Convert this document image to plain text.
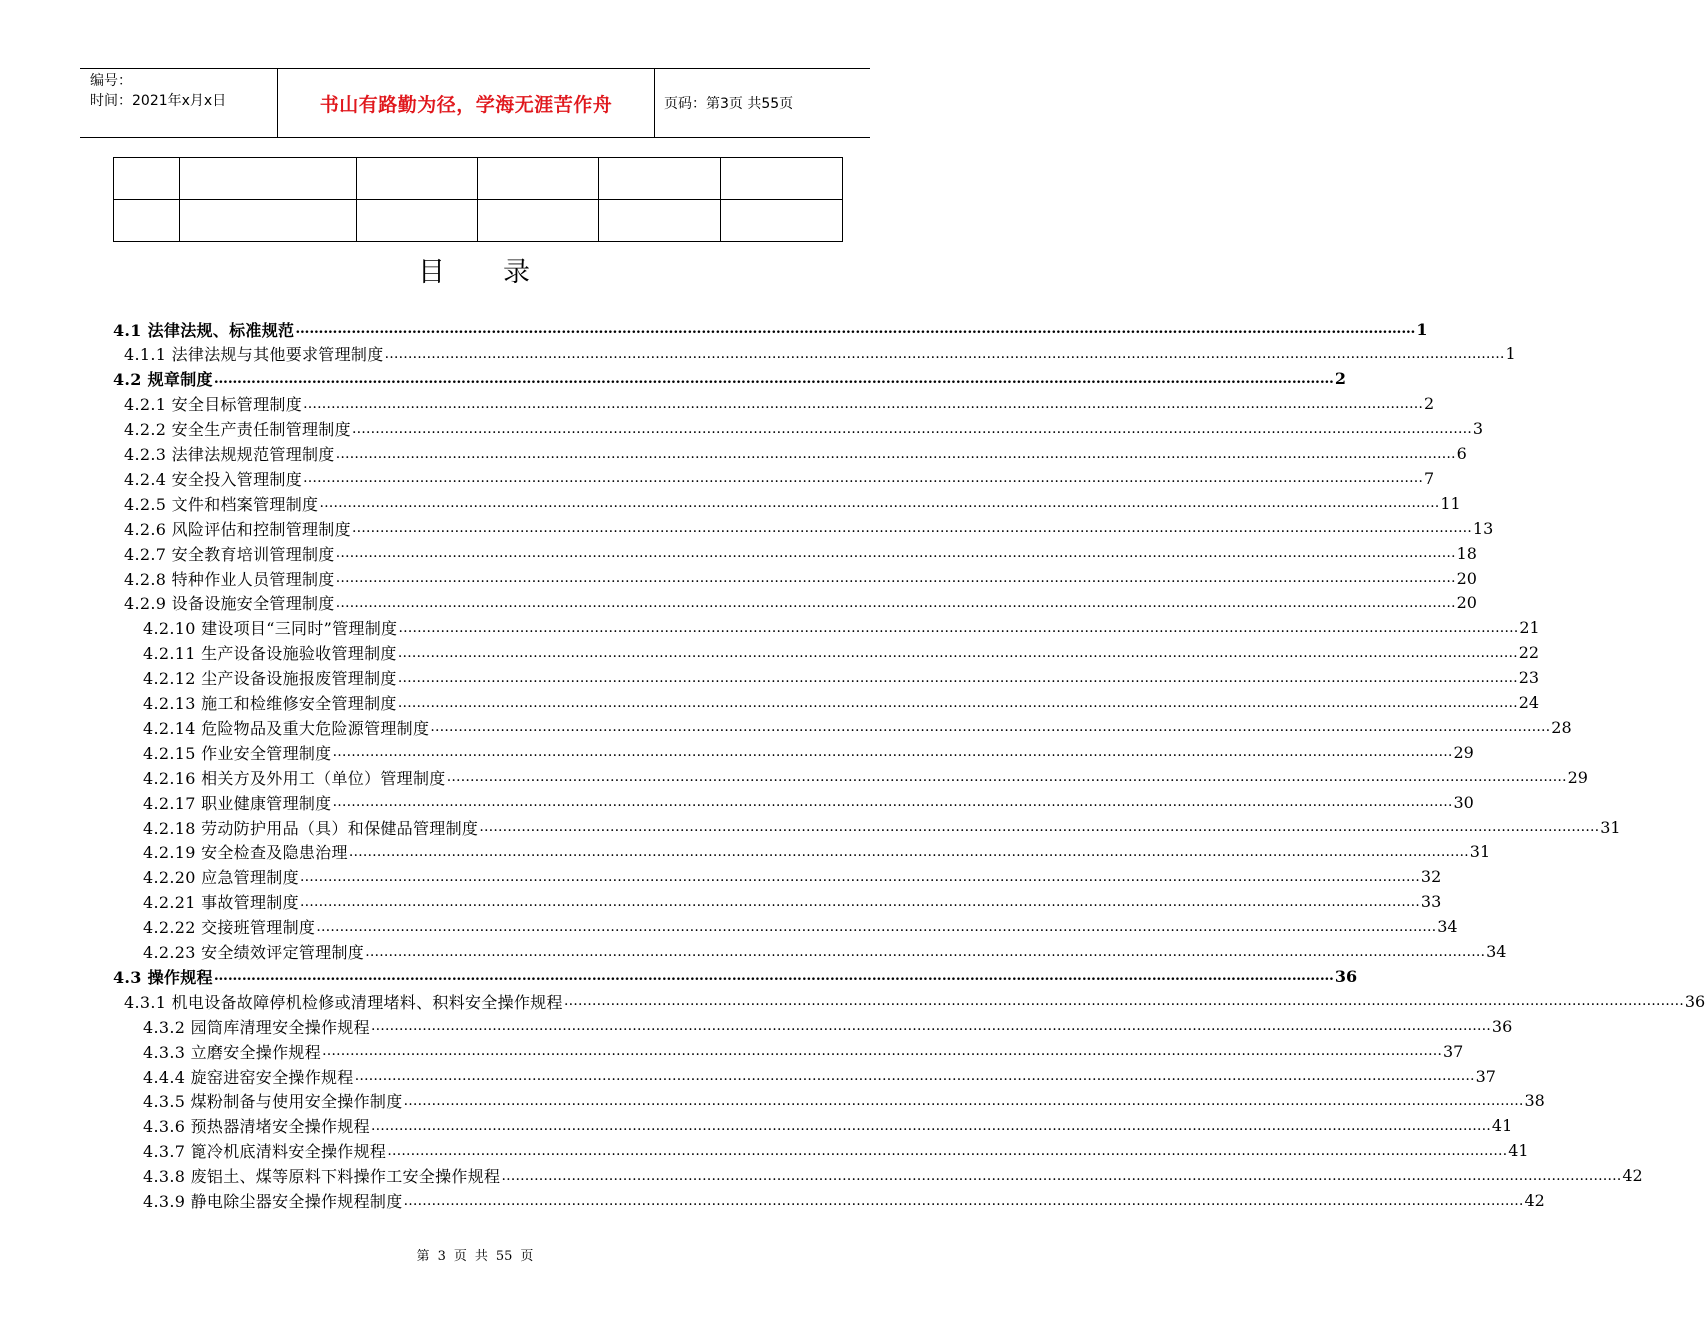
编号：
时间：2021年x月x日	书山有路勤为径，学海无涯苦作舟	页码：第3页 共55页

目 录
4.1 法律法规、标准规范 …………………………………………………………………………………………………………………………………………………………………………………………………………………… 1
4.1.1 法律法规与其他要求管理制度 …………………………………………………………………………………………………………………………………………………………………………………………………………………… 1
4.2 规章制度 …………………………………………………………………………………………………………………………………………………………………………………………………………………… 2
4.2.1 安全目标管理制度 …………………………………………………………………………………………………………………………………………………………………………………………………………………… 2
4.2.2 安全生产责任制管理制度 …………………………………………………………………………………………………………………………………………………………………………………………………………………… 3
4.2.3 法律法规规范管理制度 …………………………………………………………………………………………………………………………………………………………………………………………………………………… 6
4.2.4 安全投入管理制度 …………………………………………………………………………………………………………………………………………………………………………………………………………………… 7
4.2.5 文件和档案管理制度 …………………………………………………………………………………………………………………………………………………………………………………………………………………… 11
4.2.6 风险评估和控制管理制度 …………………………………………………………………………………………………………………………………………………………………………………………………………………… 13
4.2.7 安全教育培训管理制度 …………………………………………………………………………………………………………………………………………………………………………………………………………………… 18
4.2.8 特种作业人员管理制度 …………………………………………………………………………………………………………………………………………………………………………………………………………………… 20
4.2.9 设备设施安全管理制度 …………………………………………………………………………………………………………………………………………………………………………………………………………………… 20
4.2.10 建设项目“三同时”管理制度 …………………………………………………………………………………………………………………………………………………………………………………………………………………… 21
4.2.11 生产设备设施验收管理制度 …………………………………………………………………………………………………………………………………………………………………………………………………………………… 22
4.2.12 尘产设备设施报废管理制度 …………………………………………………………………………………………………………………………………………………………………………………………………………………… 23
4.2.13 施工和检维修安全管理制度 …………………………………………………………………………………………………………………………………………………………………………………………………………………… 24
4.2.14 危险物品及重大危险源管理制度 …………………………………………………………………………………………………………………………………………………………………………………………………………………… 28
4.2.15 作业安全管理制度 …………………………………………………………………………………………………………………………………………………………………………………………………………………… 29
4.2.16 相关方及外用工（单位）管理制度 …………………………………………………………………………………………………………………………………………………………………………………………………………………… 29
4.2.17 职业健康管理制度 …………………………………………………………………………………………………………………………………………………………………………………………………………………… 30
4.2.18 劳动防护用品（具）和保健品管理制度 …………………………………………………………………………………………………………………………………………………………………………………………………………………… 31
4.2.19 安全检查及隐患治理 …………………………………………………………………………………………………………………………………………………………………………………………………………………… 31
4.2.20 应急管理制度 …………………………………………………………………………………………………………………………………………………………………………………………………………………… 32
4.2.21 事故管理制度 …………………………………………………………………………………………………………………………………………………………………………………………………………………… 33
4.2.22 交接班管理制度 …………………………………………………………………………………………………………………………………………………………………………………………………………………… 34
4.2.23 安全绩效评定管理制度 …………………………………………………………………………………………………………………………………………………………………………………………………………………… 34
4.3 操作规程 …………………………………………………………………………………………………………………………………………………………………………………………………………………… 36
4.3.1 机电设备故障停机检修或清理堵料、积料安全操作规程 …………………………………………………………………………………………………………………………………………………………………………………………………………………… 36
4.3.2 园筒库清理安全操作规程 …………………………………………………………………………………………………………………………………………………………………………………………………………………… 36
4.3.3 立磨安全操作规程 …………………………………………………………………………………………………………………………………………………………………………………………………………………… 37
4.4.4 旋窑进窑安全操作规程 …………………………………………………………………………………………………………………………………………………………………………………………………………………… 37
4.3.5 煤粉制备与使用安全操作制度 …………………………………………………………………………………………………………………………………………………………………………………………………………………… 38
4.3.6 预热器清堵安全操作规程 …………………………………………………………………………………………………………………………………………………………………………………………………………………… 41
4.3.7 篦冷机底清料安全操作规程 …………………………………………………………………………………………………………………………………………………………………………………………………………………… 41
4.3.8 废铝土、煤等原料下料操作工安全操作规程 …………………………………………………………………………………………………………………………………………………………………………………………………………………… 42
4.3.9 静电除尘器安全操作规程制度 …………………………………………………………………………………………………………………………………………………………………………………………………………………… 42
第 3 页 共 55 页
